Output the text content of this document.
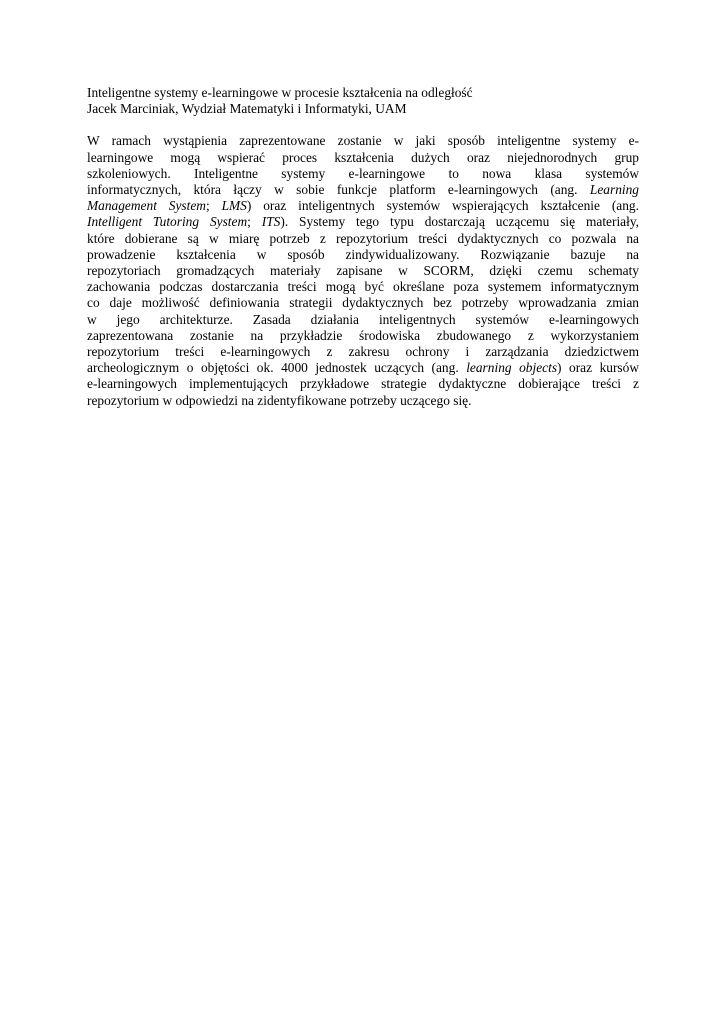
Inteligentne systemy e-learningowe w procesie kształcenia na odległość
Jacek Marciniak, Wydział Matematyki i Informatyki, UAM
W ramach wystąpienia zaprezentowane zostanie w jaki sposób inteligentne systemy e-
learningowe mogą wspierać proces kształcenia dużych oraz niejednorodnych grup
szkoleniowych. Inteligentne systemy e-learningowe to nowa klasa systemów
informatycznych, która łączy w sobie funkcje platform e-learningowych (ang. Learning
Management System; LMS) oraz inteligentnych systemów wspierających kształcenie (ang.
Intelligent Tutoring System; ITS). Systemy tego typu dostarczają uczącemu się materiały,
które dobierane są w miarę potrzeb z repozytorium treści dydaktycznych co pozwala na
prowadzenie kształcenia w sposób zindywidualizowany. Rozwiązanie bazuje na
repozytoriach gromadzących materiały zapisane w SCORM, dzięki czemu schematy
zachowania podczas dostarczania treści mogą być określane poza systemem informatycznym
co daje możliwość definiowania strategii dydaktycznych bez potrzeby wprowadzania zmian
w jego architekturze. Zasada działania inteligentnych systemów e-learningowych
zaprezentowana zostanie na przykładzie środowiska zbudowanego z wykorzystaniem
repozytorium treści e-learningowych z zakresu ochrony i zarządzania dziedzictwem
archeologicznym o objętości ok. 4000 jednostek uczących (ang. learning objects) oraz kursów
e-learningowych implementujących przykładowe strategie dydaktyczne dobierające treści z
repozytorium w odpowiedzi na zidentyfikowane potrzeby uczącego się.
